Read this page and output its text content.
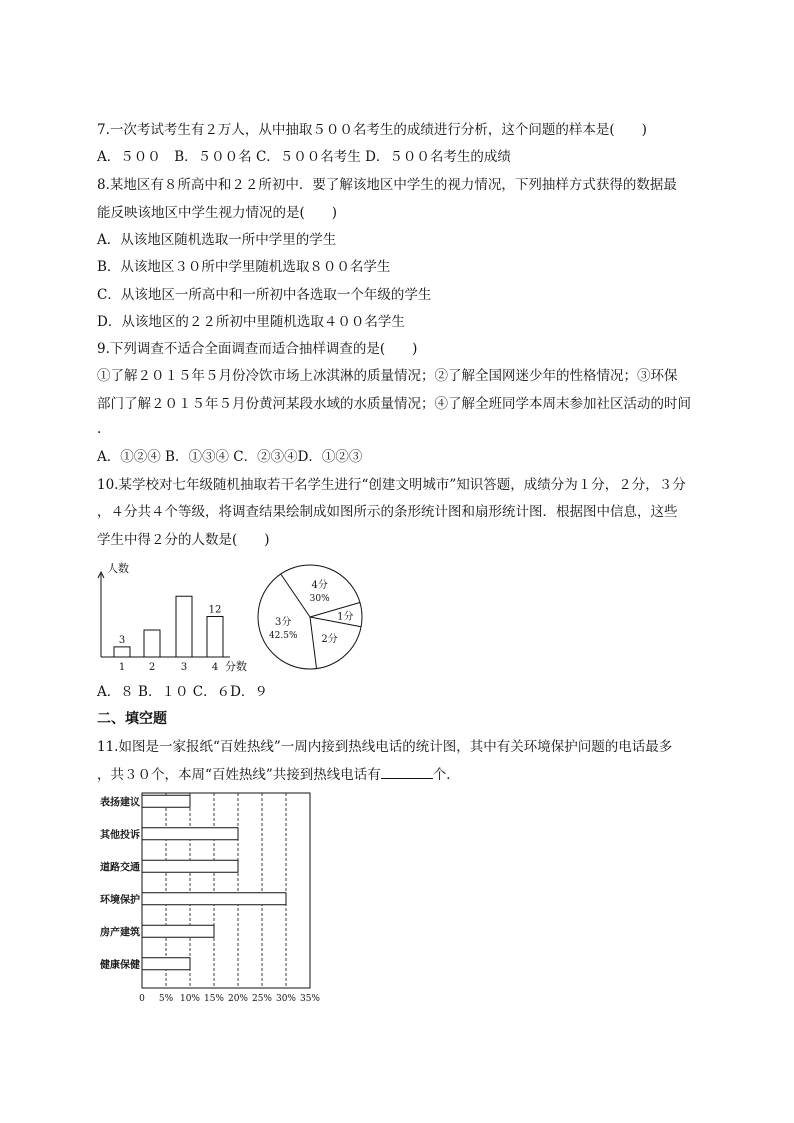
7.一次考试考生有２万人，从中抽取５００名考生的成绩进行分析，这个问题的样本是(　　)
A．５００　B．５００名 C．５００名考生 D．５００名考生的成绩
8.某地区有８所高中和２２所初中．要了解该地区中学生的视力情况，下列抽样方式获得的数据最
能反映该地区中学生视力情况的是(　　)
A．从该地区随机选取一所中学里的学生
B．从该地区３０所中学里随机选取８００名学生
C．从该地区一所高中和一所初中各选取一个年级的学生
D．从该地区的２２所初中里随机选取４００名学生
9.下列调查不适合全面调查而适合抽样调查的是(　　)
①了解２０１５年５月份冷饮市场上冰淇淋的质量情况；②了解全国网迷少年的性格情况；③环保
部门了解２０１５年５月份黄河某段水域的水质量情况；④了解全班同学本周末参加社区活动的时间
.
A．①②④ B．①③④ C．②③④D．①②③
10.某学校对七年级随机抽取若干名学生进行“创建文明城市”知识答题，成绩分为１分，２分，３分
，４分共４个等级，将调查结果绘制成如图所示的条形统计图和扇形统计图．根据图中信息，这些
学生中得２分的人数是(　　)
人数
分数
1
3
2	3 4
12
4分
30%
1分
2分
3分
42.5%
A．８ B．１０ C．６D．９
二、填空题
11.如图是一家报纸“百姓热线”一周内接到热线电话的统计图，其中有关环境保护问题的电话最多
，共３０个，本周“百姓热线”共接到热线电话有	个．
0 5% 10% 15% 20% 25% 30% 35%
表扬建议
其他投诉
道路交通
环境保护
房产建筑
健康保健
